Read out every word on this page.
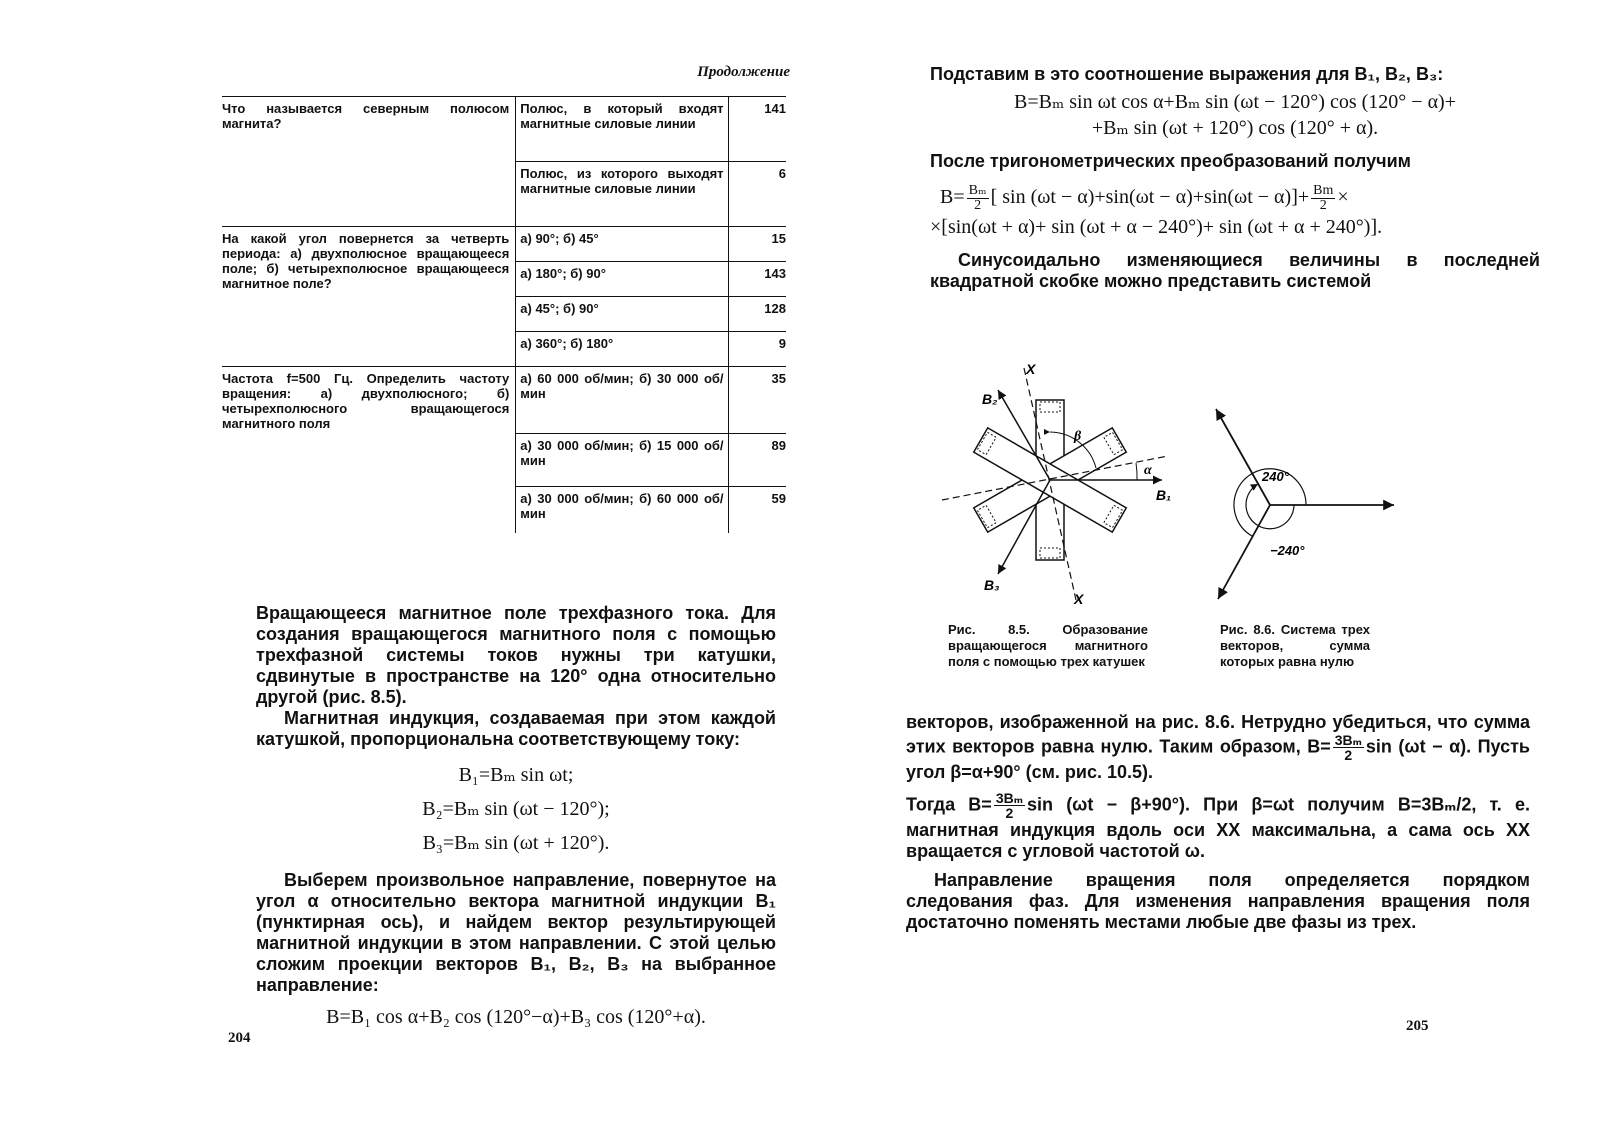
Продолжение
Что называется северным полюсом магнита?	Полюс, в который входят магнитные силовые линии	141
	Полюс, из которого выходят магнитные силовые линии	6
На какой угол повернется за четверть периода: а) двухполюсное вращающееся поле; б) четырехполюсное вращающееся магнитное поле?	а) 90°; б) 45°	15
	а) 180°; б) 90°	143
	а) 45°; б) 90°	128
	а) 360°; б) 180°	9
Частота f=500 Гц. Определить частоту вращения: а) двухполюсного; б) четырехполюсного вращающегося магнитного поля	а) 60 000 об/мин; б) 30 000 об/мин	35
	а) 30 000 об/мин; б) 15 000 об/мин	89
	а) 30 000 об/мин; б) 60 000 об/мин	59

Вращающееся магнитное поле трехфазного тока. Для создания вращающегося магнитного поля с помощью трехфазной системы токов нужны три катушки, сдвинутые в пространстве на 120° одна относительно другой (рис. 8.5).

Магнитная индукция, создаваемая при этом каждой катушкой, пропорциональна соответствующему току:

B₁=Bₘ sin ωt;
B₂=Bₘ sin (ωt − 120°);
B₃=Bₘ sin (ωt + 120°).

Выберем произвольное направление, повернутое на угол α относительно вектора магнитной индукции B₁ (пунктирная ось), и найдем вектор результирующей магнитной индукции в этом направлении. С этой целью сложим проекции векторов B₁, B₂, B₃ на выбранное направление:

B=B₁ cos α+B₂ cos (120°−α)+B₃ cos (120°+α).
204

Подставим в это соотношение выражения для B₁, B₂, B₃:

B=Bₘ sin ωt cos α+Bₘ sin (ωt − 120°) cos (120° − α)+
+Bₘ sin (ωt + 120°) cos (120° + α).

После тригонометрических преобразований получим

$B= \frac{\text{Bₘ}}{2}$ [ $\sin (\omega t - \alpha)+\sin(\omega t - \alpha)+\sin(\omega t - \alpha)]+ \frac{Bm}{2}$ ×
×[sin(ωt + α)+ sin (ωt + α − 240°)+ sin (ωt + α + 240°)].

Синусоидально изменяющиеся величины в последней квадратной скобке можно представить системой

X
X
B₁
B₂
B₃
β
α	240°
−240°
Рис. 8.5. Образование вращающегося магнитного поля с помощью трех катушек
Рис. 8.6. Система трех векторов, сумма которых равна нулю

векторов, изображенной на рис. 8.6. Нетрудно убедиться, что сумма этих векторов равна нулю. Таким образом, $B= \frac{\text{3Bₘ}}{2}$ sin (ωt − α). Пусть угол β=α+90° (см. рис. 10.5).

Тогда $B= \frac{\text{3Bₘ}}{2}$ sin (ωt − β+90°). При β=ωt получим B=3Bₘ/2, т. е. магнитная индукция вдоль оси XX максимальна, а сама ось XX вращается с угловой частотой ω.

Направление вращения поля определяется порядком следования фаз. Для изменения направления вращения поля достаточно поменять местами любые две фазы из трех.

205
